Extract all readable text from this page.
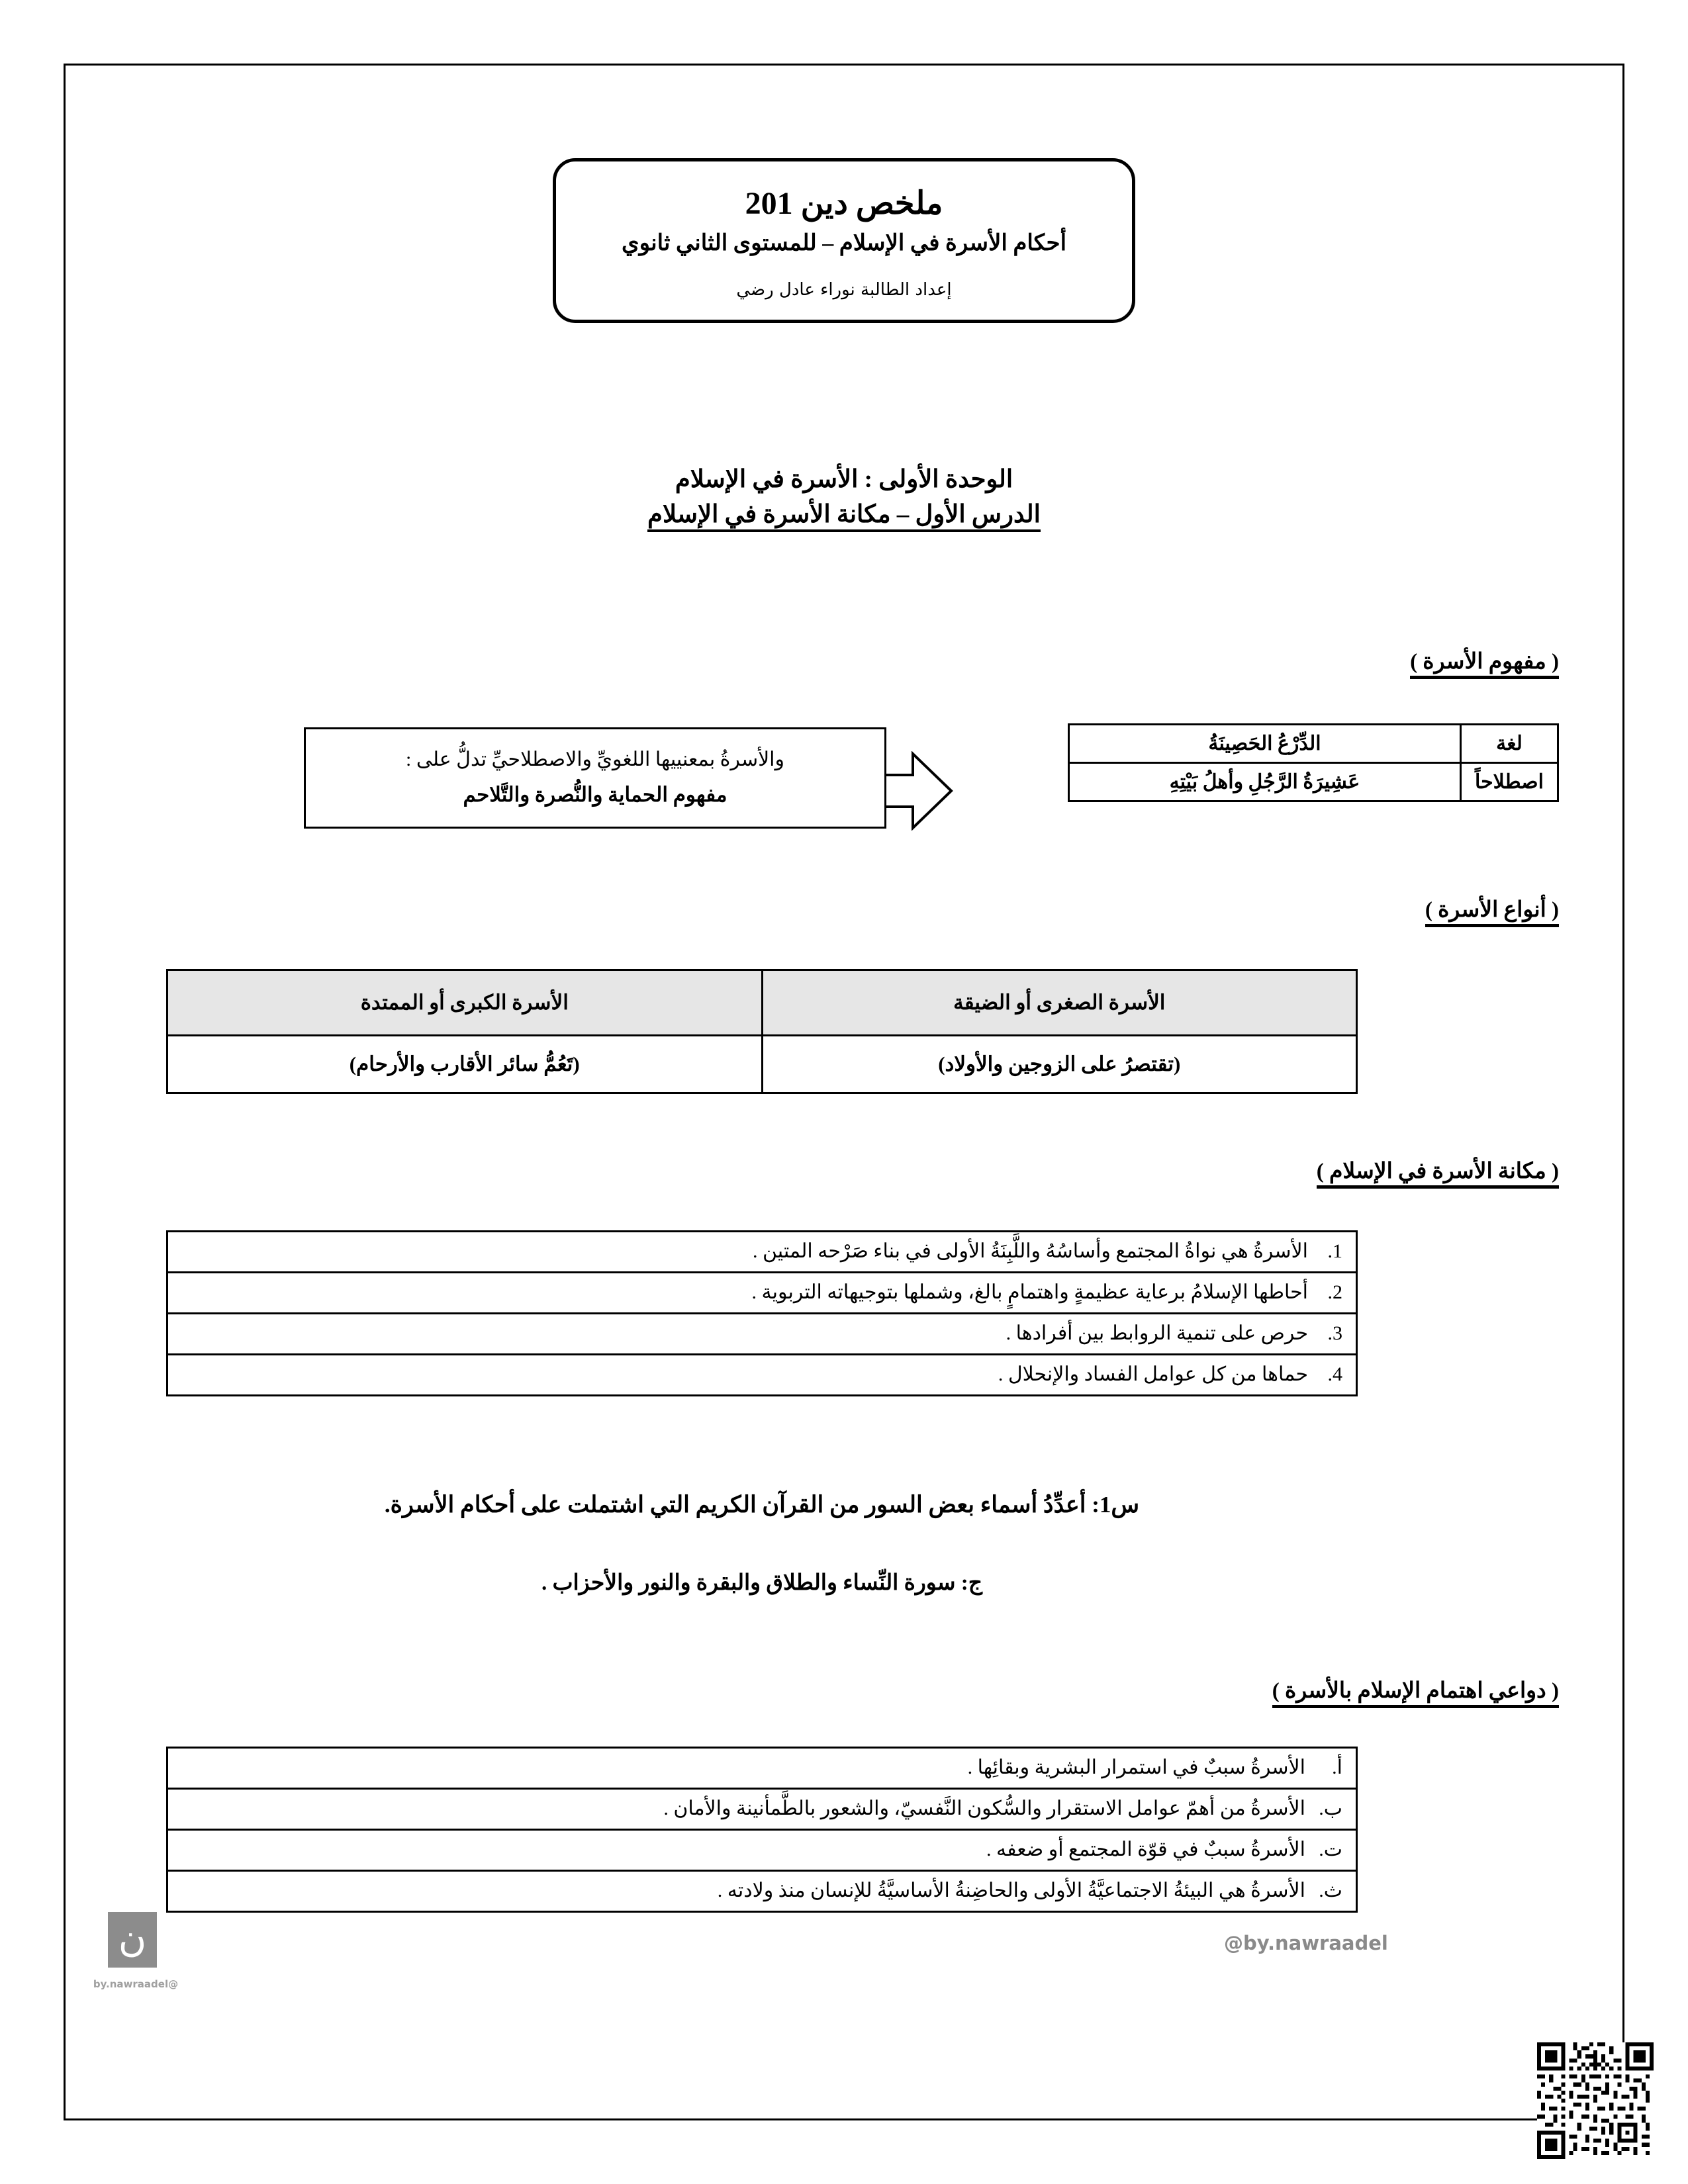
ملخص دين 201
أحكام الأسرة في الإسلام – للمستوى الثاني ثانوي
إعداد الطالبة نوراء عادل رضي
الوحدة الأولى : الأسرة في الإسلام
الدرس الأول – مكانة الأسرة في الإسلام
( مفهوم الأسرة )
لغة	الدِّرْعُ الحَصِينَةُ
اصطلاحاً	عَشِيرَةُ الرَّجُلِ وأهلُ بَيْتِهِ
والأسرةُ بمعنييها اللغويِّ والاصطلاحيِّ تدلُّ على :
مفهوم الحماية والنُّصرة والتَّلاحم
( أنواع الأسرة )
الأسرة الصغرى أو الضيقة	الأسرة الكبرى أو الممتدة
(تقتصرُ على الزوجين والأولاد)	(تَعُمُّ سائر الأقارب والأرحام)
( مكانة الأسرة في الإسلام )
1.الأسرةُ هي نواةُ المجتمع وأساسُهُ واللَّبِنَةُ الأولى في بناء صَرْحه المتين .
2.أحاطها الإسلامُ برعاية عظيمةٍ واهتمامٍ بالغ، وشملها بتوجيهاته التربوية .
3.حرص على تنمية الروابط بين أفرادها .
4.حماها من كل عوامل الفساد والإنحلال .
س1: أعدِّدُ أسماء بعض السور من القرآن الكريم التي اشتملت على أحكام الأسرة.
ج: سورة النِّساء والطلاق والبقرة والنور والأحزاب .
( دواعي اهتمام الإسلام بالأسرة )
أ.الأسرةُ سببٌ في استمرار البشرية وبقائِها .
ب.الأسرةُ من أهمّ عوامل الاستقرار والسُّكون النَّفسيّ، والشعور بالطَّمأنينة والأمان .
ت.الأسرةُ سببٌ في قوّة المجتمع أو ضعفه .
ث.الأسرةُ هي البيئةُ الاجتماعيَّةُ الأولى والحاضِنةُ الأساسيَّةُ للإنسان منذ ولادته .
ن
@by.nawraadel
@by.nawraadel
